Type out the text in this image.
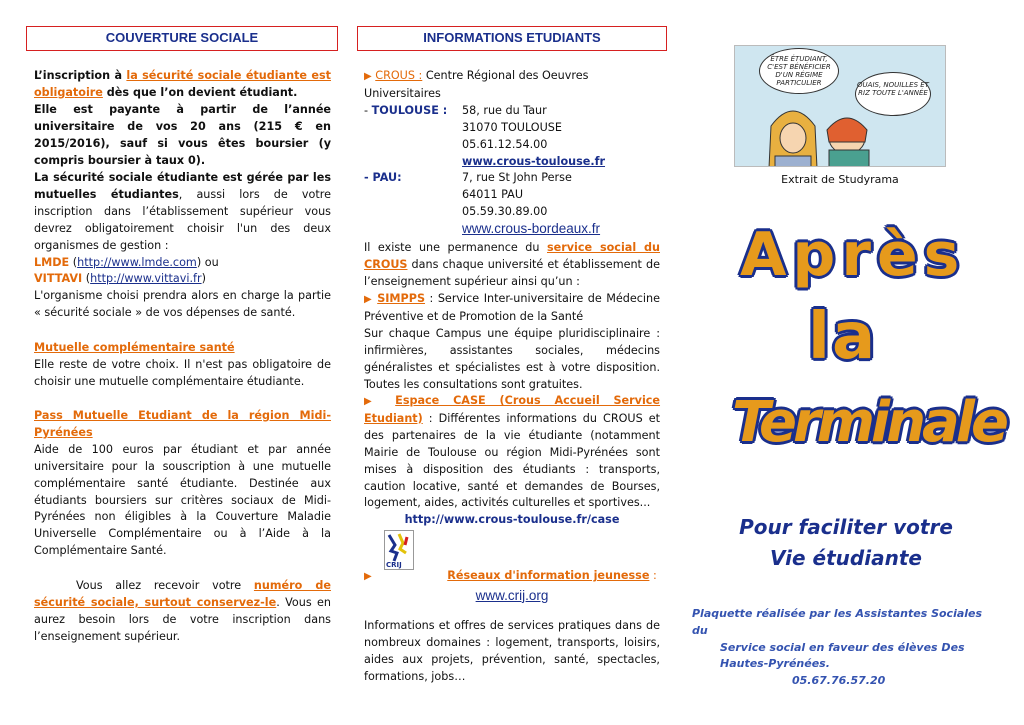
COUVERTURE SOCIALE	INFORMATIONS ETUDIANTS
L’inscription à la sécurité sociale étudiante est obligatoire dès que l’on devient étudiant.
Elle est payante à partir de l’année universitaire de vos 20 ans (215 € en 2015/2016), sauf si vous êtes boursier (y compris boursier à taux 0).
La sécurité sociale étudiante est gérée par les mutuelles étudiantes, aussi lors de votre inscription dans l’établissement supérieur vous devrez obligatoirement choisir l'un des deux organismes de gestion :
LMDE (http://www.lmde.com) ou
VITTAVI (http://www.vittavi.fr)
L'organisme choisi prendra alors en charge la partie « sécurité sociale » de vos dépenses de santé.
Mutuelle complémentaire santé
Elle reste de votre choix. Il n'est pas obligatoire de choisir une mutuelle complémentaire étudiante.
Pass Mutuelle Etudiant de la région Midi-Pyrénées
Aide de 100 euros par étudiant et par année universitaire pour la souscription à une mutuelle complémentaire santé étudiante. Destinée aux étudiants boursiers sur critères sociaux de Midi-Pyrénées non éligibles à la Couverture Maladie Universelle Complémentaire ou à l’Aide à la Complémentaire Santé.
Vous allez recevoir votre numéro de sécurité sociale, surtout conservez-le. Vous en aurez besoin lors de votre inscription dans l’enseignement supérieur.
▶ CROUS : Centre Régional des Oeuvres Universitaires
- TOULOUSE :	58, rue du Taur
31070 TOULOUSE
05.61.12.54.00
www.crous-toulouse.fr
- PAU:	7, rue St John Perse
64011 PAU
05.59.30.89.00
www.crous-bordeaux.fr
Il existe une permanence du service social du CROUS dans chaque université et établissement de l’enseignement supérieur ainsi qu’un :
▶ SIMPPS : Service Inter-universitaire de Médecine Préventive et de Promotion de la Santé
Sur chaque Campus une équipe pluridisciplinaire : infirmières, assistantes sociales, médecins généralistes et spécialistes est à votre disposition. Toutes les consultations sont gratuites.
▶ Espace CASE (Crous Accueil Service Etudiant) : Différentes informations du CROUS et des partenaires de la vie étudiante (notamment Mairie de Toulouse ou région Midi-Pyrénées sont mises à disposition des étudiants : transports, caution locative, santé et demandes de Bourses, logement, aides, activités culturelles et sportives...
http://www.crous-toulouse.fr/case
CRIJ
▶	Réseaux d'information jeunesse :
www.crij.org
Informations et offres de services pratiques dans de nombreux domaines : logement, transports, loisirs, aides aux projets, prévention, santé, spectacles, formations, jobs…
ÊTRE ÉTUDIANT, C'EST BÉNÉFICIER D'UN RÉGIME PARTICULIER	OUAIS, NOUILLES ET RIZ TOUTE L'ANNÉE
Extrait de Studyrama
Après
la
Terminale
Pour faciliter votre
Vie étudiante
Plaquette réalisée par les Assistantes Sociales du
Service social en faveur des élèves Des
Hautes-Pyrénées.
05.67.76.57.20
